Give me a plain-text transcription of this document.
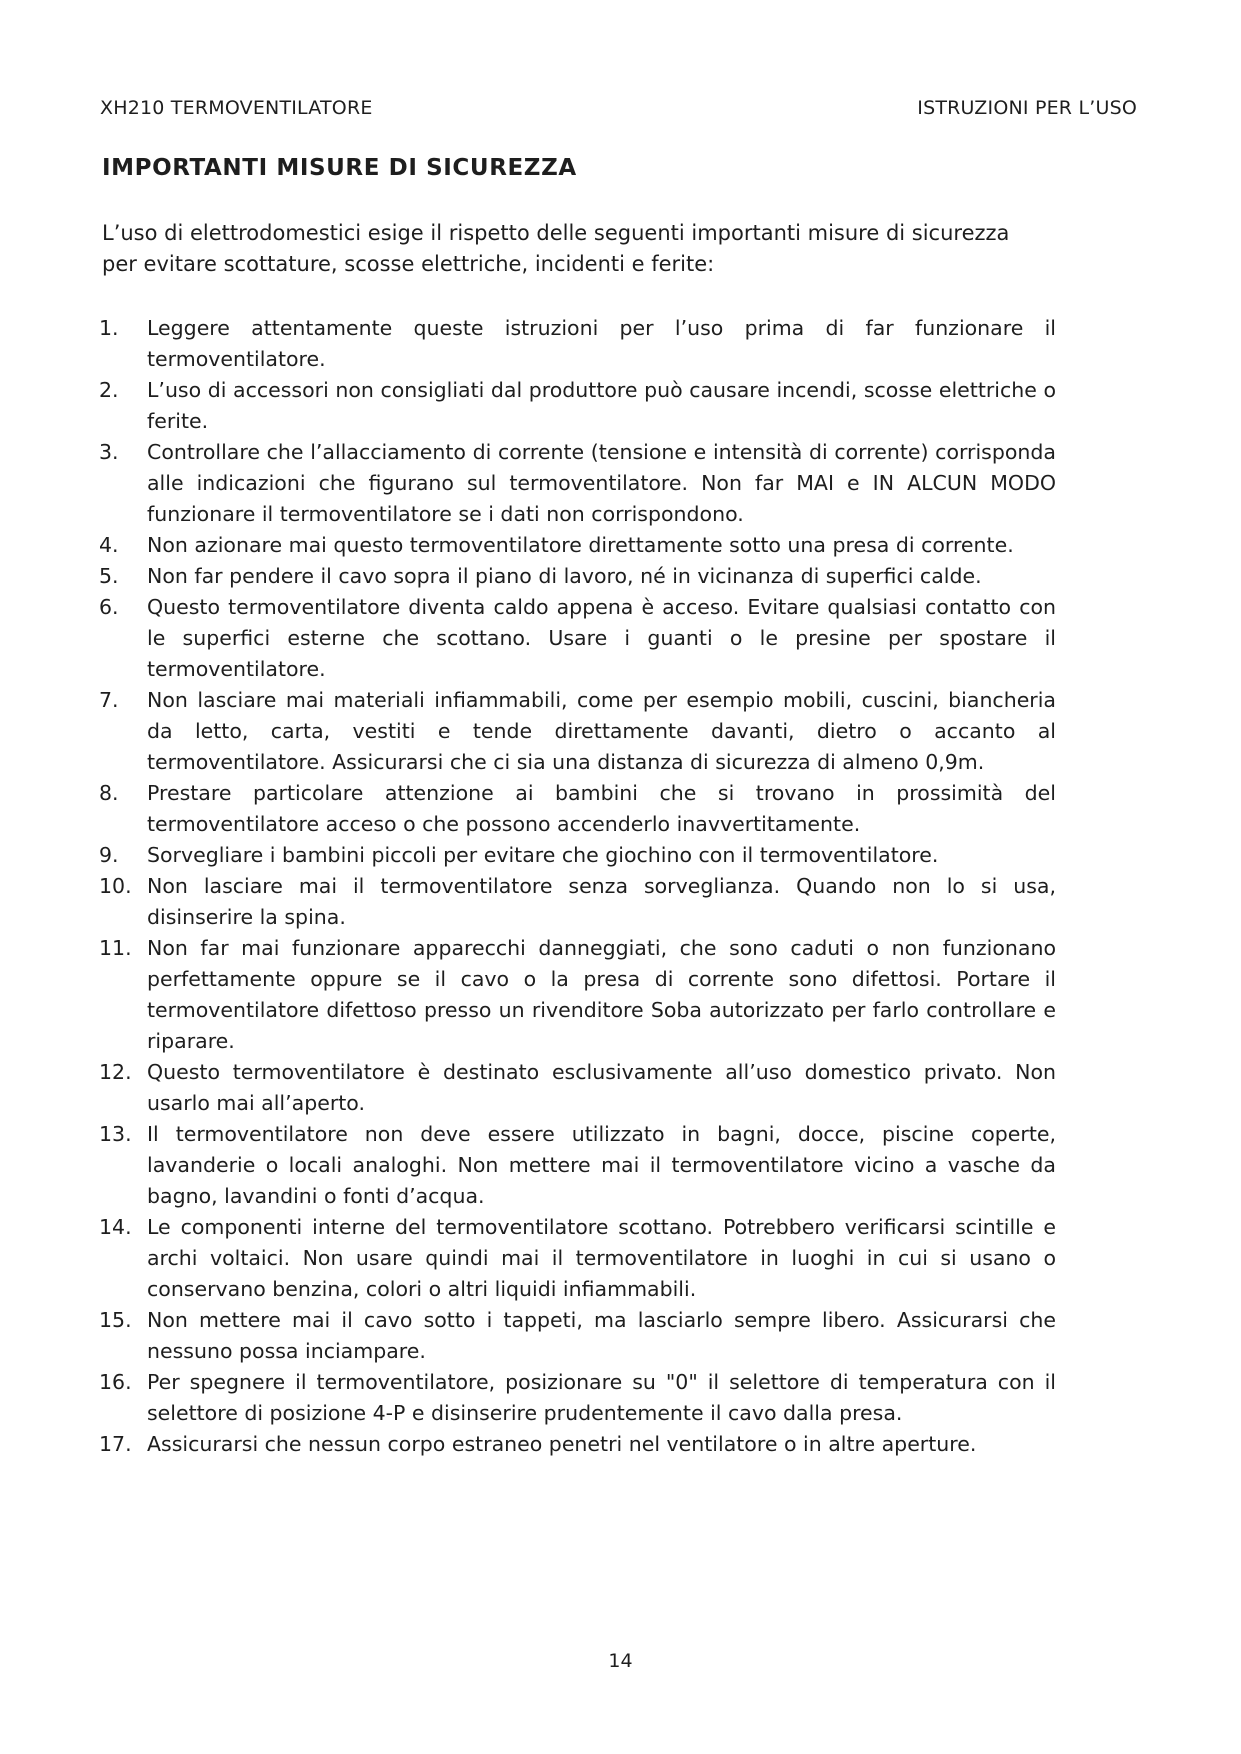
XH210 TERMOVENTILATORE	ISTRUZIONI PER L’USO
IMPORTANTI MISURE DI SICUREZZA
L’uso di elettrodomestici esige il rispetto delle seguenti importanti misure di sicurezza
per evitare scottature, scosse elettriche, incidenti e ferite:
1.	Leggere attentamente queste istruzioni per l’uso prima di far funzionare il termoventilatore.
2.	L’uso di accessori non consigliati dal produttore può causare incendi, scosse elettriche o ferite.
3.	Controllare che l’allacciamento di corrente (tensione e intensità di corrente) corrisponda alle indicazioni che figurano sul termoventilatore. Non far MAI e IN ALCUN MODO funzionare il termoventilatore se i dati non corrispondono.
4.	Non azionare mai questo termoventilatore direttamente sotto una presa di corrente.
5.	Non far pendere il cavo sopra il piano di lavoro, né in vicinanza di superfici calde.
6.	Questo termoventilatore diventa caldo appena è acceso. Evitare qualsiasi contatto con le superfici esterne che scottano. Usare i guanti o le presine per spostare il termoventilatore.
7.	Non lasciare mai materiali infiammabili, come per esempio mobili, cuscini, biancheria da letto, carta, vestiti e tende direttamente davanti, dietro o accanto al termoventilatore. Assicurarsi che ci sia una distanza di sicurezza di almeno 0,9m.
8.	Prestare particolare attenzione ai bambini che si trovano in prossimità del termoventilatore acceso o che possono accenderlo inavvertitamente.
9.	Sorvegliare i bambini piccoli per evitare che giochino con il termoventilatore.
10. Non lasciare mai il termoventilatore senza sorveglianza. Quando non lo si usa, disinserire la spina.
11. Non far mai funzionare apparecchi danneggiati, che sono caduti o non funzionano perfettamente oppure se il cavo o la presa di corrente sono difettosi. Portare il termoventilatore difettoso presso un rivenditore Soba autorizzato per farlo controllare e riparare.
12. Questo termoventilatore è destinato esclusivamente all’uso domestico privato. Non usarlo mai all’aperto.
13. Il termoventilatore non deve essere utilizzato in bagni, docce, piscine coperte, lavanderie o locali analoghi. Non mettere mai il termoventilatore vicino a vasche da bagno, lavandini o fonti d’acqua.
14. Le componenti interne del termoventilatore scottano. Potrebbero verificarsi scintille e archi voltaici. Non usare quindi mai il termoventilatore in luoghi in cui si usano o conservano benzina, colori o altri liquidi infiammabili.
15. Non mettere mai il cavo sotto i tappeti, ma lasciarlo sempre libero. Assicurarsi che nessuno possa inciampare.
16. Per spegnere il termoventilatore, posizionare su "0" il selettore di temperatura con il selettore di posizione 4-P e disinserire prudentemente il cavo dalla presa.
17. Assicurarsi che nessun corpo estraneo penetri nel ventilatore o in altre aperture.
14
